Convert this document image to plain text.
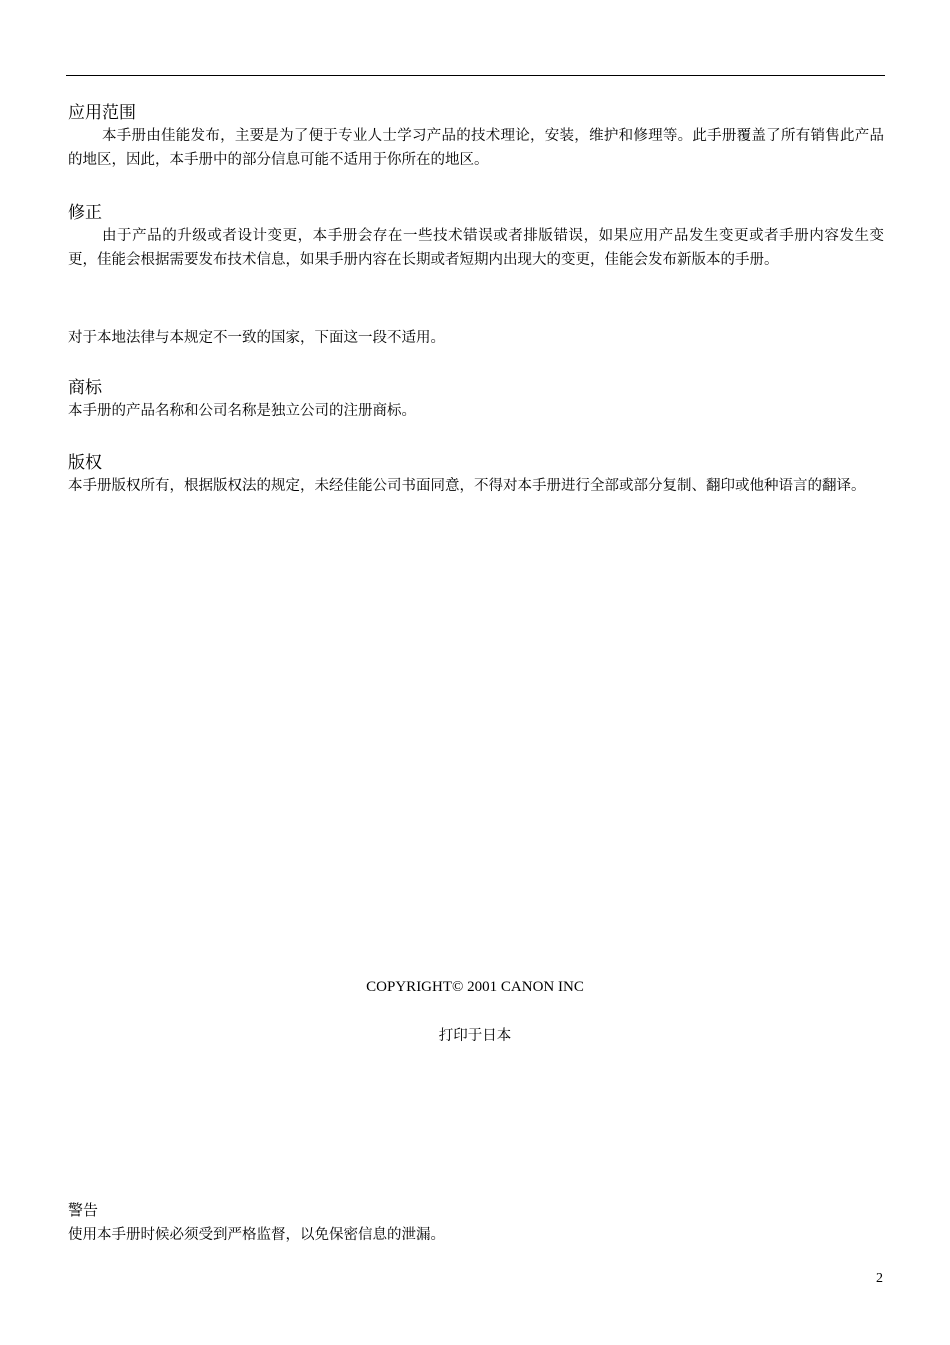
应用范围

本手册由佳能发布，主要是为了便于专业人士学习产品的技术理论，安装，维护和修理等。此手册覆盖了所有销售此产品的地区，因此，本手册中的部分信息可能不适用于你所在的地区。

修正

由于产品的升级或者设计变更，本手册会存在一些技术错误或者排版错误，如果应用产品发生变更或者手册内容发生变更，佳能会根据需要发布技术信息，如果手册内容在长期或者短期内出现大的变更，佳能会发布新版本的手册。

对于本地法律与本规定不一致的国家，下面这一段不适用。
商标

本手册的产品名称和公司名称是独立公司的注册商标。

版权

本手册版权所有，根据版权法的规定，未经佳能公司书面同意，不得对本手册进行全部或部分复制、翻印或他种语言的翻译。

COPYRIGHT© 2001 CANON INC
打印于日本
警告
使用本手册时候必须受到严格监督，以免保密信息的泄漏。
2
